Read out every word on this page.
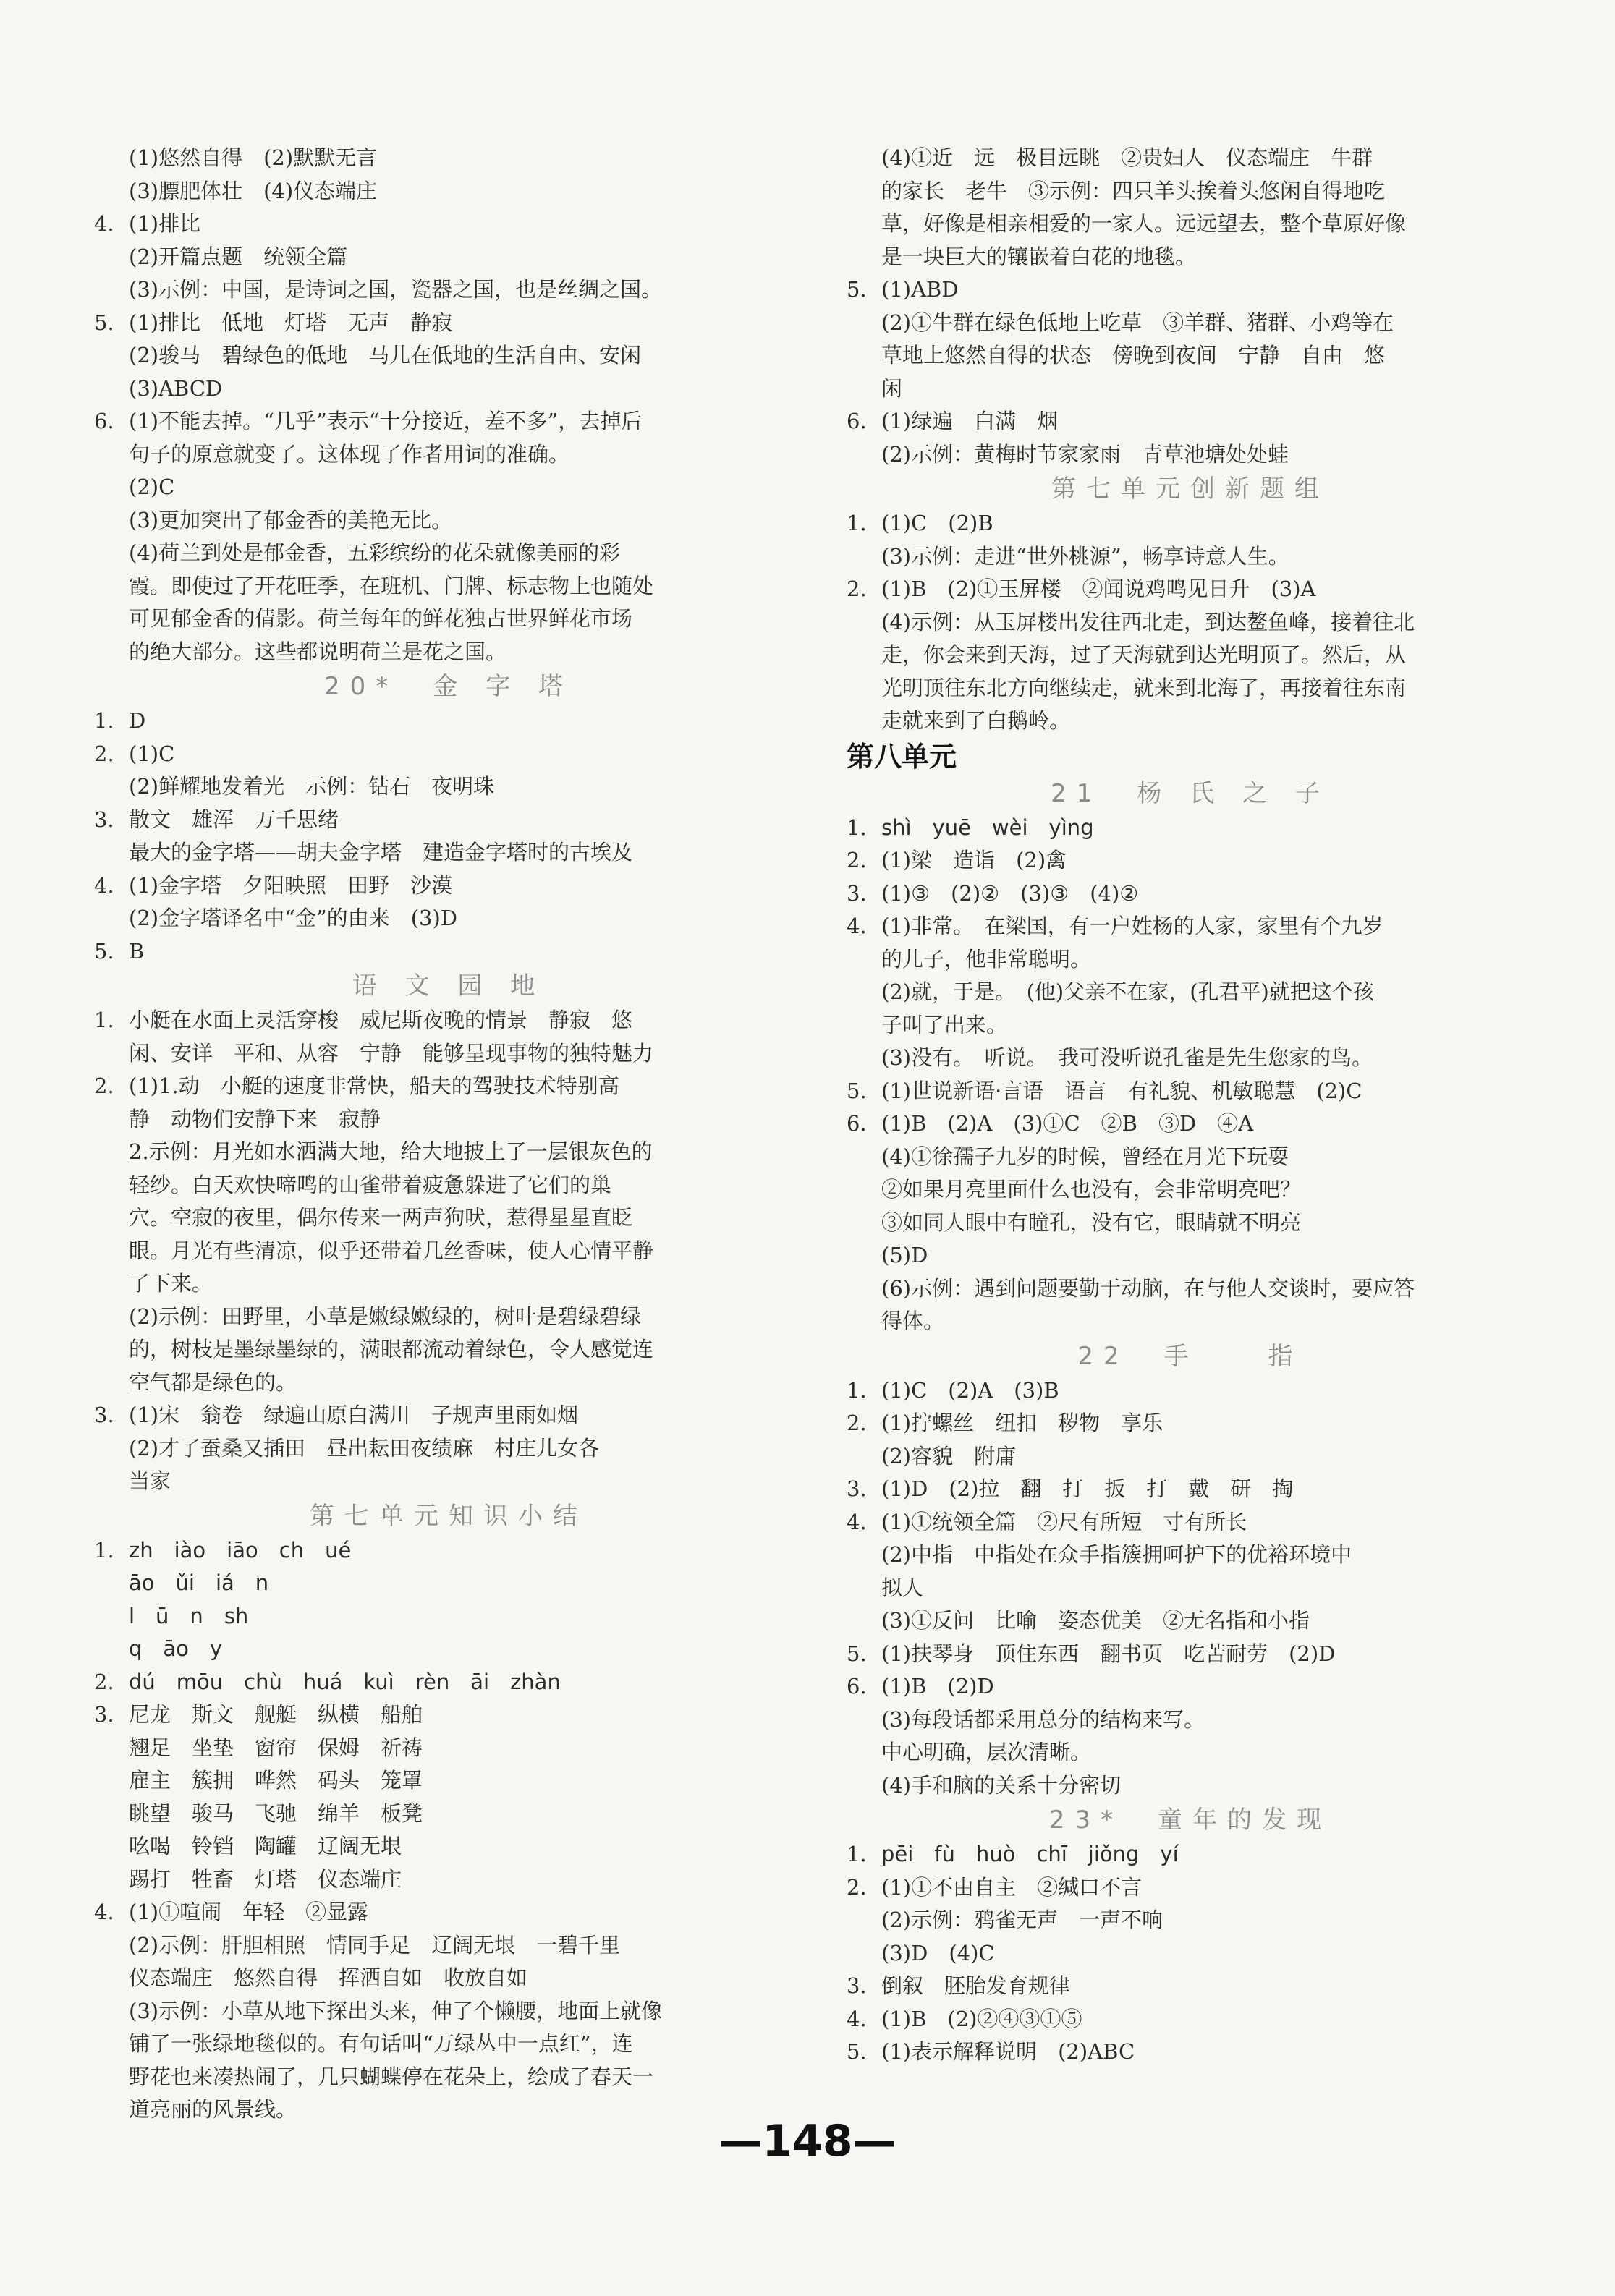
(1)悠然自得　(2)默默无言
(3)膘肥体壮　(4)仪态端庄
4. (1)排比
(2)开篇点题　统领全篇
(3)示例：中国，是诗词之国，瓷器之国，也是丝绸之国。
5. (1)排比　低地　灯塔　无声　静寂
(2)骏马　碧绿色的低地　马儿在低地的生活自由、安闲
(3)ABCD
6. (1)不能去掉。“几乎”表示“十分接近，差不多”，去掉后
句子的原意就变了。这体现了作者用词的准确。
(2)C
(3)更加突出了郁金香的美艳无比。
(4)荷兰到处是郁金香，五彩缤纷的花朵就像美丽的彩
霞。即使过了开花旺季，在班机、门牌、标志物上也随处
可见郁金香的倩影。荷兰每年的鲜花独占世界鲜花市场
的绝大部分。这些都说明荷兰是花之国。
20*　金 字 塔
1. D
2. (1)C
(2)鲜耀地发着光　示例：钻石　夜明珠
3. 散文　雄浑　万千思绪
最大的金字塔——胡夫金字塔　建造金字塔时的古埃及
4. (1)金字塔　夕阳映照　田野　沙漠
(2)金字塔译名中“金”的由来　(3)D
5. B
语 文 园 地
1. 小艇在水面上灵活穿梭　威尼斯夜晚的情景　静寂　悠
闲、安详　平和、从容　宁静　能够呈现事物的独特魅力
2. (1)1.动　小艇的速度非常快，船夫的驾驶技术特别高
静　动物们安静下来　寂静
2.示例：月光如水洒满大地，给大地披上了一层银灰色的
轻纱。白天欢快啼鸣的山雀带着疲惫躲进了它们的巢
穴。空寂的夜里，偶尔传来一两声狗吠，惹得星星直眨
眼。月光有些清凉，似乎还带着几丝香味，使人心情平静
了下来。
(2)示例：田野里，小草是嫩绿嫩绿的，树叶是碧绿碧绿
的，树枝是墨绿墨绿的，满眼都流动着绿色，令人感觉连
空气都是绿色的。
3. (1)宋　翁卷　绿遍山原白满川　子规声里雨如烟
(2)才了蚕桑又插田　昼出耘田夜绩麻　村庄儿女各
当家
第七单元知识小结
1. zh　iào　iāo　ch　ué
āo　ǔi　iá　n
l　ū　n　sh
q　āo　y
2. dú　mōu　chù　huá　kuì　rèn　āi　zhàn
3. 尼龙　斯文　舰艇　纵横　船舶
翘足　坐垫　窗帘　保姆　祈祷
雇主　簇拥　哗然　码头　笼罩
眺望　骏马　飞驰　绵羊　板凳
吆喝　铃铛　陶罐　辽阔无垠
踢打　牲畜　灯塔　仪态端庄
4. (1)①喧闹　年轻　②显露
(2)示例：肝胆相照　情同手足　辽阔无垠　一碧千里
仪态端庄　悠然自得　挥洒自如　收放自如
(3)示例：小草从地下探出头来，伸了个懒腰，地面上就像
铺了一张绿地毯似的。有句话叫“万绿丛中一点红”，连
野花也来凑热闹了，几只蝴蝶停在花朵上，绘成了春天一
道亮丽的风景线。
(4)①近　远　极目远眺　②贵妇人　仪态端庄　牛群
的家长　老牛　③示例：四只羊头挨着头悠闲自得地吃
草，好像是相亲相爱的一家人。远远望去，整个草原好像
是一块巨大的镶嵌着白花的地毯。
5. (1)ABD
(2)①牛群在绿色低地上吃草　③羊群、猪群、小鸡等在
草地上悠然自得的状态　傍晚到夜间　宁静　自由　悠
闲
6. (1)绿遍　白满　烟
(2)示例：黄梅时节家家雨　青草池塘处处蛙
第七单元创新题组
1. (1)C　(2)B
(3)示例：走进“世外桃源”，畅享诗意人生。
2. (1)B　(2)①玉屏楼　②闻说鸡鸣见日升　(3)A
(4)示例：从玉屏楼出发往西北走，到达鳌鱼峰，接着往北
走，你会来到天海，过了天海就到达光明顶了。然后，从
光明顶往东北方向继续走，就来到北海了，再接着往东南
走就来到了白鹅岭。
第八单元
21　杨 氏 之 子
1. shì　yuē　wèi　yìng
2. (1)梁　造诣　(2)禽
3. (1)③　(2)②　(3)③　(4)②
4. (1)非常。　在梁国，有一户姓杨的人家，家里有个九岁
的儿子，他非常聪明。
(2)就，于是。　(他)父亲不在家，(孔君平)就把这个孩
子叫了出来。
(3)没有。　听说。　我可没听说孔雀是先生您家的鸟。
5. (1)世说新语·言语　语言　有礼貌、机敏聪慧　(2)C
6. (1)B　(2)A　(3)①C　②B　③D　④A
(4)①徐孺子九岁的时候，曾经在月光下玩耍
②如果月亮里面什么也没有，会非常明亮吧？
③如同人眼中有瞳孔，没有它，眼睛就不明亮
(5)D
(6)示例：遇到问题要勤于动脑，在与他人交谈时，要应答
得体。
22　手　　指
1. (1)C　(2)A　(3)B
2. (1)拧螺丝　纽扣　秽物　享乐
(2)容貌　附庸
3. (1)D　(2)拉　翻　打　扳　打　戴　研　掏
4. (1)①统领全篇　②尺有所短　寸有所长
(2)中指　中指处在众手指簇拥呵护下的优裕环境中
拟人
(3)①反问　比喻　姿态优美　②无名指和小指
5. (1)扶琴身　顶住东西　翻书页　吃苦耐劳　(2)D
6. (1)B　(2)D
(3)每段话都采用总分的结构来写。
中心明确，层次清晰。
(4)手和脑的关系十分密切
23*　童年的发现
1. pēi　fù　huò　chī　jiǒng　yí
2. (1)①不由自主　②缄口不言
(2)示例：鸦雀无声　一声不响
(3)D　(4)C
3. 倒叙　胚胎发育规律
4. (1)B　(2)②④③①⑤
5. (1)表示解释说明　(2)ABC
—148—
